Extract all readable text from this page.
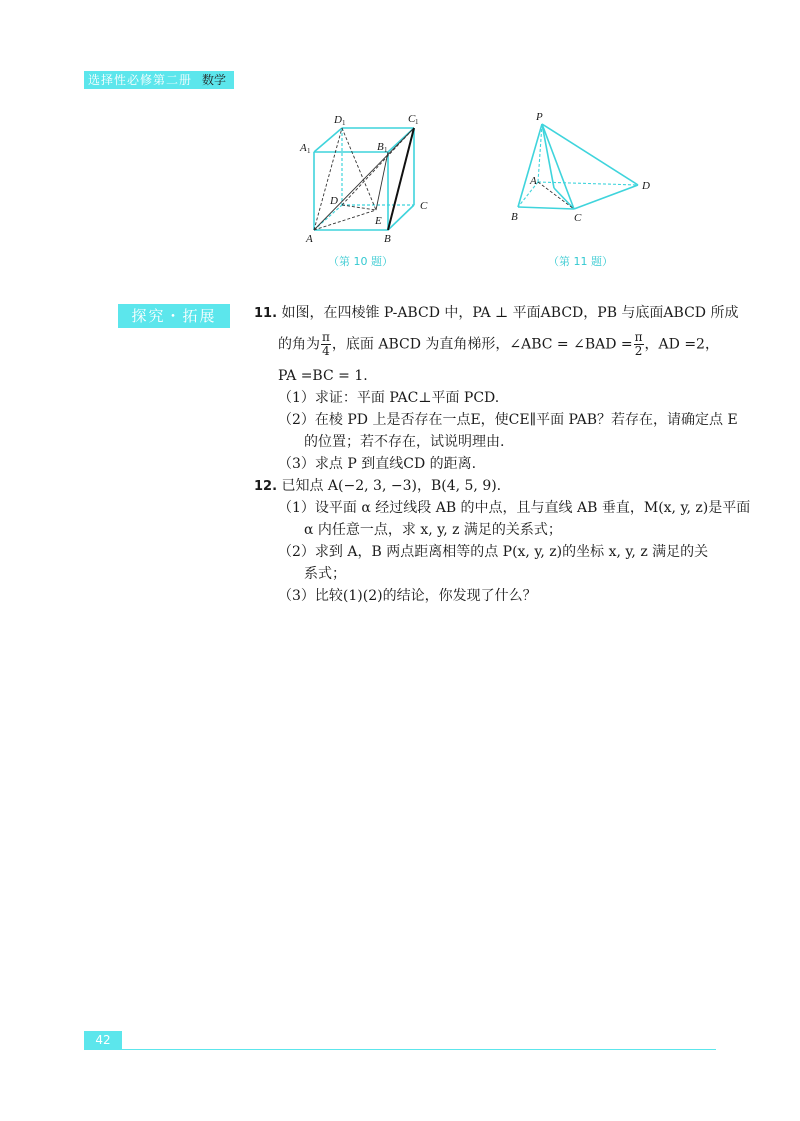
选择性必修第二册 数学
A	B
C
D
E
A 1	B 1
C 1
D 1
（第 10 题）
P
A
B	C
D
（第 11 题）
探究・拓展	11. 如图，在四棱锥 P-ABCD 中，PA ⊥ 平面ABCD，PB 与底面ABCD 所成
的角为 $\frac{\pi}{4}$ ，底面 ABCD 为直角梯形，∠ABC = ∠BAD = $\frac{\pi}{2}$ ，AD =2，
PA =BC = 1.
（1）求证：平面 PAC⊥平面 PCD.
（2）在棱 PD 上是否存在一点E，使CE∥平面 PAB？若存在，请确定点 E
的位置；若不存在，试说明理由.
（3）求点 P 到直线CD 的距离.
12. 已知点 A(−2, 3, −3)，B(4, 5, 9).
（1）设平面 α 经过线段 AB 的中点，且与直线 AB 垂直，M(x, y, z)是平面
α 内任意一点，求 x, y, z 满足的关系式；
（2）求到 A，B 两点距离相等的点 P(x, y, z)的坐标 x, y, z 满足的关
系式；
（3）比较(1)(2)的结论，你发现了什么？
42
